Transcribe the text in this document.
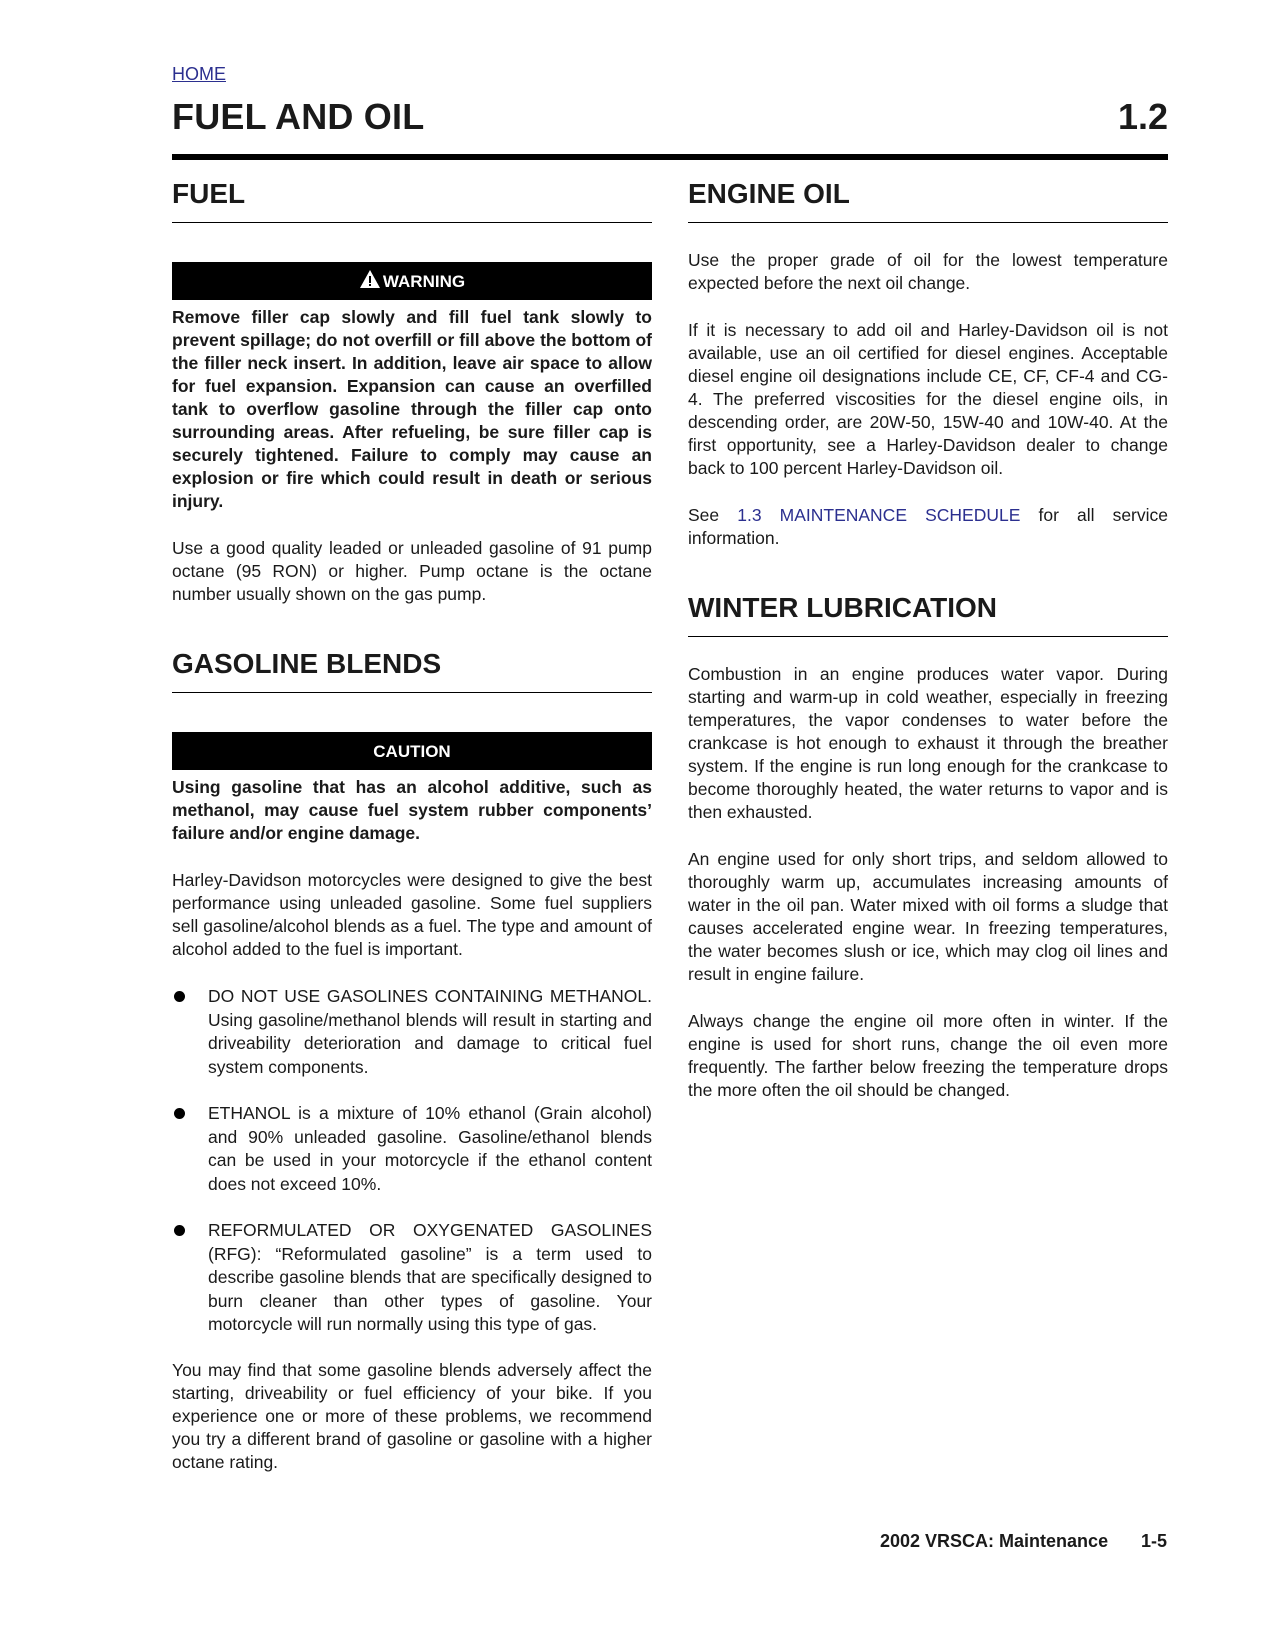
HOME
FUEL AND OIL	1.2
FUEL
WARNING

Remove filler cap slowly and fill fuel tank slowly to prevent spillage; do not overfill or fill above the bottom of the filler neck insert. In addition, leave air space to allow for fuel expansion. Expansion can cause an overfilled tank to overflow gasoline through the filler cap onto surrounding areas. After refueling, be sure filler cap is securely tightened. Failure to comply may cause an explosion or fire which could result in death or serious injury.

Use a good quality leaded or unleaded gasoline of 91 pump octane (95 RON) or higher. Pump octane is the octane number usually shown on the gas pump.

GASOLINE BLENDS
CAUTION

Using gasoline that has an alcohol additive, such as methanol, may cause fuel system rubber components’ failure and/or engine damage.

Harley-Davidson motorcycles were designed to give the best performance using unleaded gasoline. Some fuel suppliers sell gasoline/alcohol blends as a fuel. The type and amount of alcohol added to the fuel is important.

DO NOT USE GASOLINES CONTAINING METHANOL. Using gasoline/methanol blends will result in starting and driveability deterioration and damage to critical fuel system components.
ETHANOL is a mixture of 10% ethanol (Grain alcohol) and 90% unleaded gasoline. Gasoline/ethanol blends can be used in your motorcycle if the ethanol content does not exceed 10%.
REFORMULATED OR OXYGENATED GASOLINES (RFG): “Reformulated gasoline” is a term used to describe gasoline blends that are specifically designed to burn cleaner than other types of gasoline. Your motorcycle will run normally using this type of gas.

You may find that some gasoline blends adversely affect the starting, driveability or fuel efficiency of your bike. If you experience one or more of these problems, we recommend you try a different brand of gasoline or gasoline with a higher octane rating.

ENGINE OIL

Use the proper grade of oil for the lowest temperature expected before the next oil change.

If it is necessary to add oil and Harley-Davidson oil is not available, use an oil certified for diesel engines. Acceptable diesel engine oil designations include CE, CF, CF-4 and CG-4. The preferred viscosities for the diesel engine oils, in descending order, are 20W-50, 15W-40 and 10W-40. At the first opportunity, see a Harley-Davidson dealer to change back to 100 percent Harley-Davidson oil.

See 1.3 MAINTENANCE SCHEDULE for all service information.

WINTER LUBRICATION

Combustion in an engine produces water vapor. During starting and warm-up in cold weather, especially in freezing temperatures, the vapor condenses to water before the crankcase is hot enough to exhaust it through the breather system. If the engine is run long enough for the crankcase to become thoroughly heated, the water returns to vapor and is then exhausted.

An engine used for only short trips, and seldom allowed to thoroughly warm up, accumulates increasing amounts of water in the oil pan. Water mixed with oil forms a sludge that causes accelerated engine wear. In freezing temperatures, the water becomes slush or ice, which may clog oil lines and result in engine failure.

Always change the engine oil more often in winter. If the engine is used for short runs, change the oil even more frequently. The farther below freezing the temperature drops the more often the oil should be changed.

2002 VRSCA: Maintenance 1-5
